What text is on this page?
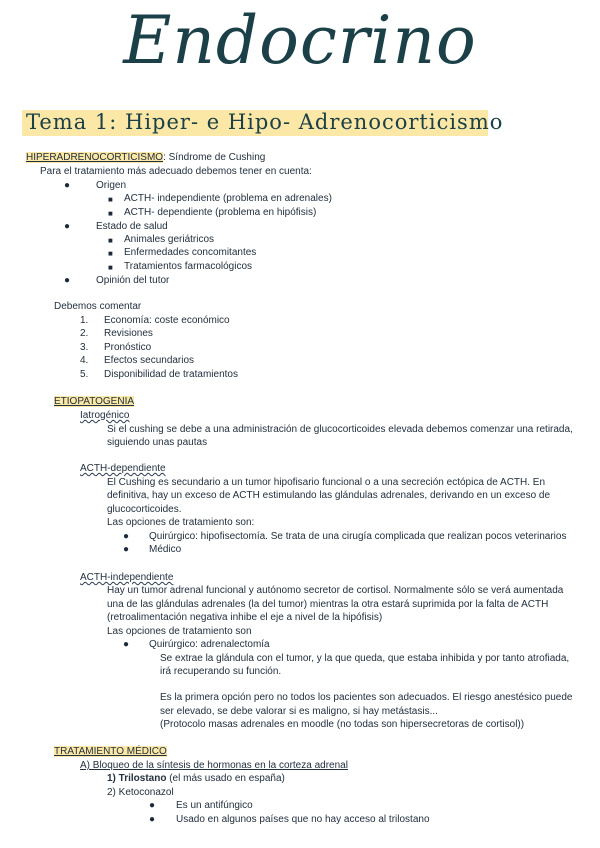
Endocrino
Tema 1: Hiper- e Hipo- Adrenocorticismo
HIPERADRENOCORTICISMO: Síndrome de Cushing
Para el tratamiento más adecuado debemos tener en cuenta:
●	Origen
■ ACTH- independiente (problema en adrenales)
■ ACTH- dependiente (problema en hipófisis)
●	Estado de salud
■ Animales geriátricos
■ Enfermedades concomitantes
■ Tratamientos farmacológicos
●	Opinión del tutor
Debemos comentar
1. Economía: coste económico
2. Revisiones
3. Pronóstico
4. Efectos secundarios
5. Disponibilidad de tratamientos
ETIOPATOGENIA
Iatrogénico
Si el cushing se debe a una administración de glucocorticoides elevada debemos comenzar una retirada,
siguiendo unas pautas
ACTH-dependiente
El Cushing es secundario a un tumor hipofisario funcional o a una secreción ectópica de ACTH. En
definitiva, hay un exceso de ACTH estimulando las glándulas adrenales, derivando en un exceso de
glucocorticoides.
Las opciones de tratamiento son:
● Quirúrgico: hipofisectomía. Se trata de una cirugía complicada que realizan pocos veterinarios
● Médico
ACTH-independiente
Hay un tumor adrenal funcional y autónomo secretor de cortisol. Normalmente sólo se verá aumentada
una de las glándulas adrenales (la del tumor) mientras la otra estará suprimida por la falta de ACTH
(retroalimentación negativa inhibe el eje a nivel de la hipófisis)
Las opciones de tratamiento son
● Quirúrgico: adrenalectomía
Se extrae la glándula con el tumor, y la que queda, que estaba inhibida y por tanto atrofiada,
irá recuperando su función.
Es la primera opción pero no todos los pacientes son adecuados. El riesgo anestésico puede
ser elevado, se debe valorar si es maligno, si hay metástasis...
(Protocolo masas adrenales en moodle (no todas son hipersecretoras de cortisol))
TRATAMIENTO MÉDICO
A) Bloqueo de la síntesis de hormonas en la corteza adrenal
1) Trilostano (el más usado en españa)
2) Ketoconazol
● Es un antifúngico
● Usado en algunos países que no hay acceso al trilostano
